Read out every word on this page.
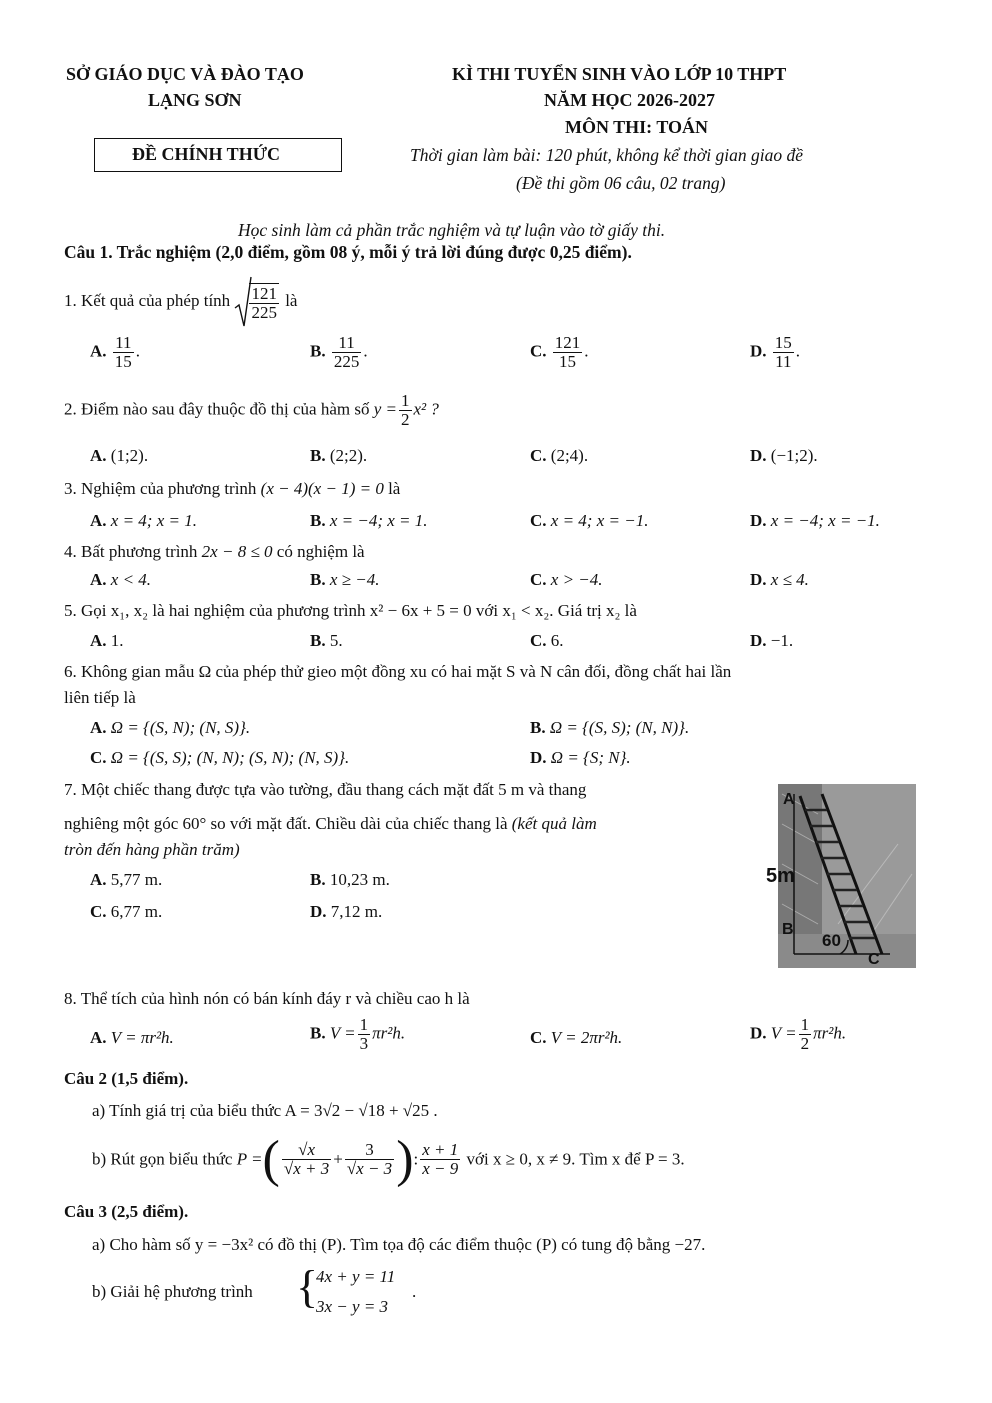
SỞ GIÁO DỤC VÀ ĐÀO TẠO
LẠNG SƠN
ĐỀ CHÍNH THỨC
KÌ THI TUYỂN SINH VÀO LỚP 10 THPT
NĂM HỌC 2026-2027
MÔN THI: TOÁN
Thời gian làm bài: 120 phút, không kể thời gian giao đề
(Đề thi gồm 06 câu, 02 trang)
Học sinh làm cả phần trắc nghiệm và tự luận vào tờ giấy thi.
Câu 1. Trắc nghiệm (2,0 điểm, gồm 08 ý, mỗi ý trả lời đúng được 0,25 điểm).
1. Kết quả của phép tính $\frac{121}{225}$ là
A. $\frac{11}{15}$ .	B. $\frac{11}{225}$ .	C. $\frac{121}{15}$ .	D. $\frac{15}{11}$ .
2. Điểm nào sau đây thuộc đồ thị của hàm số $y = \frac{1}{2} x^2$ ?
A. (1;2).	B. (2;2).	C. (2;4).	D. (−1;2).
3. Nghiệm của phương trình (x − 4)(x − 1) = 0 là
A. x = 4; x = 1.	B. x = −4; x = 1.	C. x = 4; x = −1.	D. x = −4; x = −1.
4. Bất phương trình 2x − 8 ≤ 0 có nghiệm là
A. x < 4.	B. x ≥ −4.	C. x > −4.	D. x ≤ 4.
5. Gọi x₁, x₂ là hai nghiệm của phương trình x² − 6x + 5 = 0 với x₁ < x₂. Giá trị x₂ là
A. 1.	B. 5.	C. 6.	D. −1.
6. Không gian mẫu Ω của phép thử gieo một đồng xu có hai mặt S và N cân đối, đồng chất hai lần
liên tiếp là
A. Ω = {(S, N); (N, S)}.	B. Ω = {(S, S); (N, N)}.
C. Ω = {(S, S); (N, N); (S, N); (N, S)}.	D. Ω = {S; N}.
7. Một chiếc thang được tựa vào tường, đầu thang cách mặt đất 5 m và thang
nghiêng một góc 60° so với mặt đất. Chiều dài của chiếc thang là (kết quả làm
tròn đến hàng phần trăm)
A. 5,77 m.	B. 10,23 m.
C. 6,77 m.	D. 7,12 m.
A
B
C
5m
60
8. Thể tích của hình nón có bán kính đáy r và chiều cao h là
A. V = πr²h.	B. $V = \frac{1}{3} \pi r^2h$.	C. V = 2πr²h.	D. $V = \frac{1}{2} \pi r^2h$.
Câu 2 (1,5 điểm).
a) Tính giá trị của biểu thức A = 3√2 − √18 + √25 .
b) Rút gọn biểu thức P =( $\frac{√x}{√x + 3} + \frac{3}{√x - 3}$ ): $\frac{x + 1}{x - 9}$ với x ≥ 0, x ≠ 9. Tìm x để P = 3.
Câu 3 (2,5 điểm).
a) Cho hàm số y = −3x² có đồ thị (P). Tìm tọa độ các điểm thuộc (P) có tung độ bằng −27.
b) Giải hệ phương trình {
4x + y = 11
3x − y = 3
.
